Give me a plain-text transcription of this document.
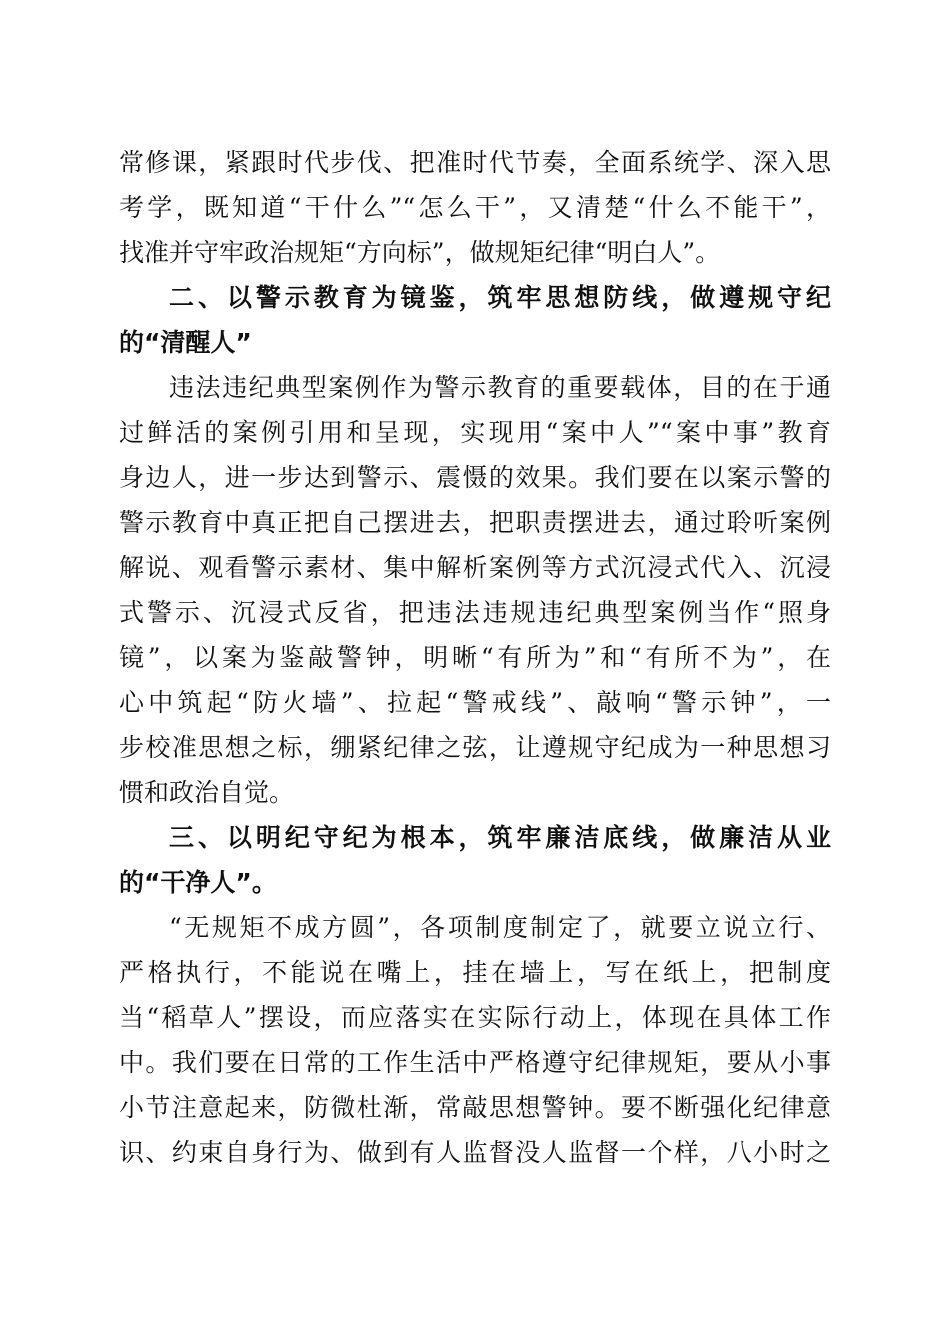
常修课，紧跟时代步伐、把准时代节奏，全面系统学、深入思
考学，既知道“干什么”“怎么干”，又清楚“什么不能干”，
找准并守牢政治规矩“方向标”，做规矩纪律“明白人”。
二、以警示教育为镜鉴，筑牢思想防线，做遵规守纪
的“清醒人”
违法违纪典型案例作为警示教育的重要载体，目的在于通
过鲜活的案例引用和呈现，实现用“案中人”“案中事”教育
身边人，进一步达到警示、震慑的效果。我们要在以案示警的
警示教育中真正把自己摆进去，把职责摆进去，通过聆听案例
解说、观看警示素材、集中解析案例等方式沉浸式代入、沉浸
式警示、沉浸式反省，把违法违规违纪典型案例当作“照身
镜”，以案为鉴敲警钟，明晰“有所为”和“有所不为”，在
心中筑起“防火墙”、拉起“警戒线”、敲响“警示钟”，一
步校准思想之标，绷紧纪律之弦，让遵规守纪成为一种思想习
惯和政治自觉。
三、以明纪守纪为根本，筑牢廉洁底线，做廉洁从业
的“干净人”。
“无规矩不成方圆”，各项制度制定了，就要立说立行、
严格执行，不能说在嘴上，挂在墙上，写在纸上，把制度
当“稻草人”摆设，而应落实在实际行动上，体现在具体工作
中。我们要在日常的工作生活中严格遵守纪律规矩，要从小事
小节注意起来，防微杜渐，常敲思想警钟。要不断强化纪律意
识、约束自身行为、做到有人监督没人监督一个样，八小时之
